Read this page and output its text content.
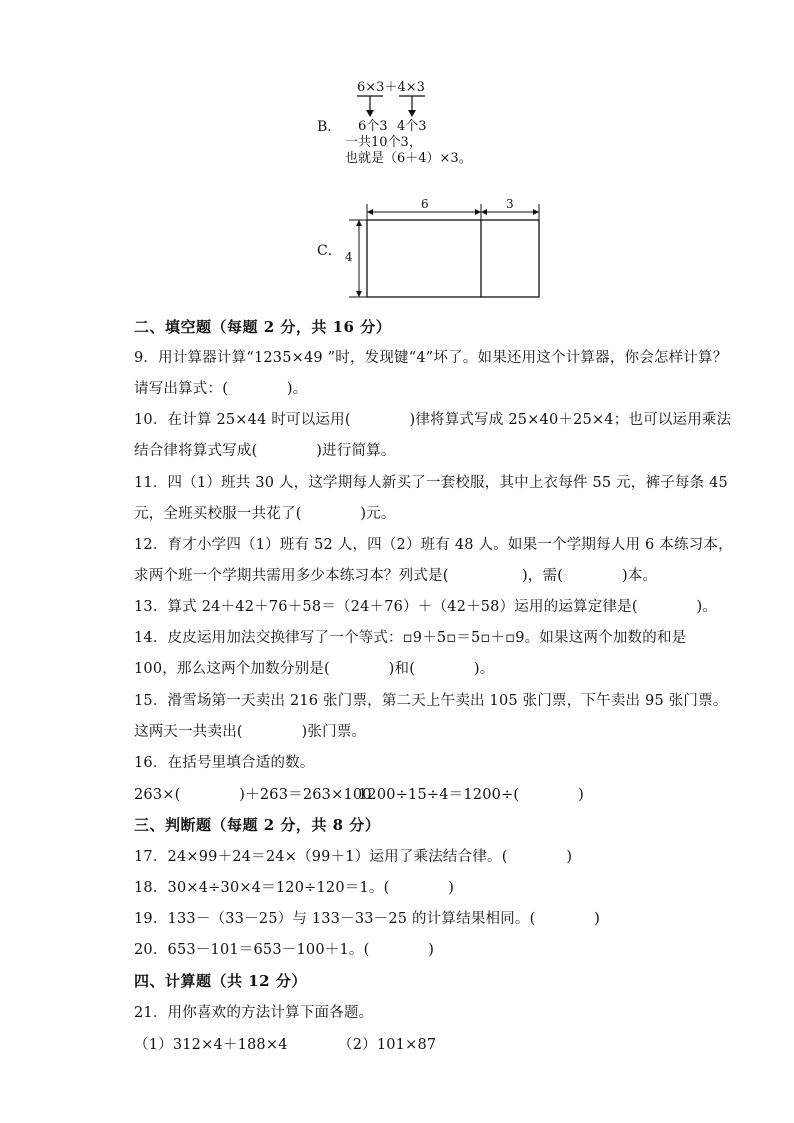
6×3＋4×3
B． 6个3 4个3
一共10个3，
也就是（6＋4）×3。
C．
6	3
4
二、填空题（每题 2 分，共 16 分）
9．用计算器计算“1235×49 ”时，发现键“4”坏了。如果还用这个计算器，你会怎样计算？
请写出算式：(　　　　)。
10．在计算 25×44 时可以运用(　　　　)律将算式写成 25×40＋25×4；也可以运用乘法
结合律将算式写成(　　　　)进行简算。
11．四（1）班共 30 人，这学期每人新买了一套校服，其中上衣每件 55 元，裤子每条 45
元，全班买校服一共花了(　　　　)元。
12．育才小学四（1）班有 52 人，四（2）班有 48 人。如果一个学期每人用 6 本练习本，
求两个班一个学期共需用多少本练习本？列式是(　　　　　)，需(　　　　)本。
13．算式 24＋42＋76＋58＝（24＋76）＋（42＋58）运用的运算定律是(　　　　)。
14．皮皮运用加法交换律写了一个等式：▫9＋5▫＝5▫＋▫9。如果这两个加数的和是
100，那么这两个加数分别是(　　　　)和(　　　　)。
15．滑雪场第一天卖出 216 张门票，第二天上午卖出 105 张门票，下午卖出 95 张门票。
这两天一共卖出(　　　　)张门票。
16．在括号里填合适的数。
263×(　　　　)＋263＝263×100
1200÷15÷4＝1200÷(　　　　)
三、判断题（每题 2 分，共 8 分）
17．24×99＋24＝24×（99＋1）运用了乘法结合律。(　　　　)
18．30×4÷30×4＝120÷120＝1。(　　　　)
19．133－（33－25）与 133－33－25 的计算结果相同。(　　　　)
20．653－101＝653－100＋1。(　　　　)
四、计算题（共 12 分）
21．用你喜欢的方法计算下面各题。
（1）312×4＋188×4	（2）101×87
